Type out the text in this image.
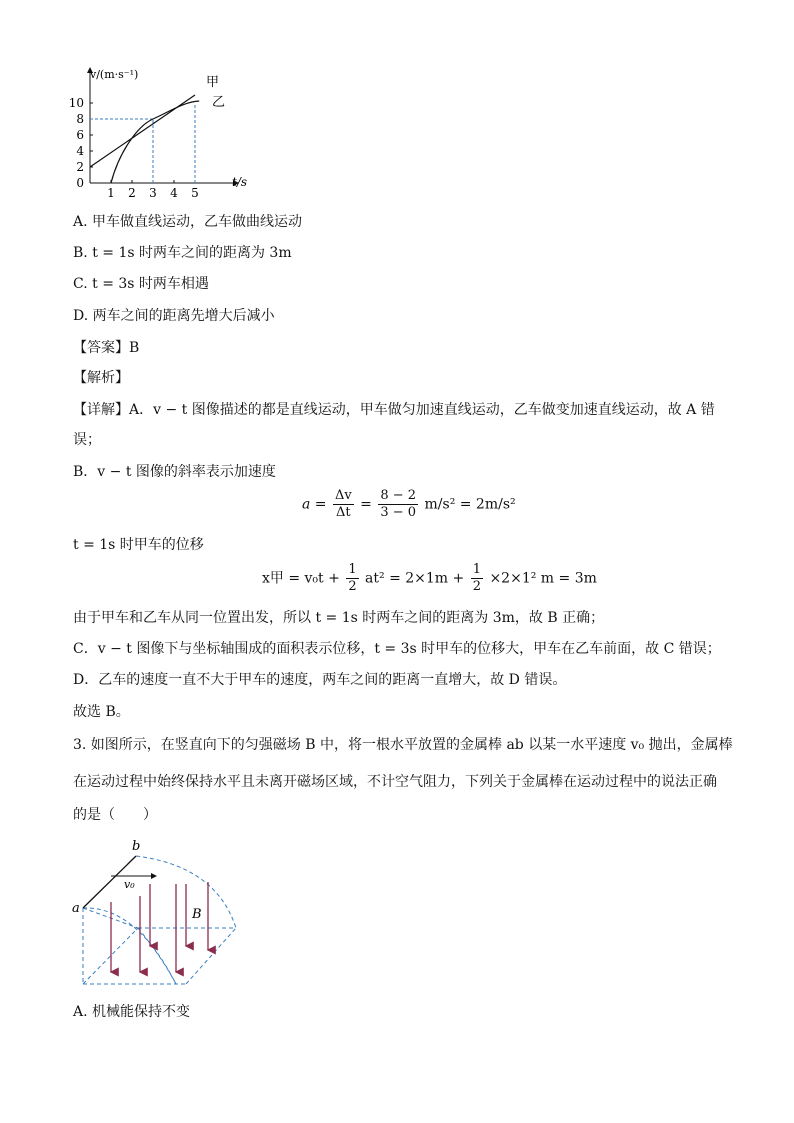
0
2
4
6
8
10
1 2 3 4 5
v/(m·s⁻¹)
t/s
甲
乙
A. 甲车做直线运动，乙车做曲线运动
B. t = 1s 时两车之间的距离为 3m
C. t = 3s 时两车相遇
D. 两车之间的距离先增大后减小
【答案】B
【解析】
【详解】A．v − t 图像描述的都是直线运动，甲车做匀加速直线运动，乙车做变加速直线运动，故 A 错
误；
B．v − t 图像的斜率表示加速度
$a = \frac{\Delta v}{\Delta t} = \frac{8 - 2}{3 - 0} m/s^2 = 2m/s^2$
t = 1s 时甲车的位移
x甲 = $v_0t + \frac{1}{2} at^2 = 2\times 1m + \frac{1}{2} \times 2\times 1^2$ m = 3m
由于甲车和乙车从同一位置出发，所以 t = 1s 时两车之间的距离为 3m，故 B 正确；
C．v − t 图像下与坐标轴围成的面积表示位移，t = 3s 时甲车的位移大，甲车在乙车前面，故 C 错误；
D．乙车的速度一直不大于甲车的速度，两车之间的距离一直增大，故 D 错误。
故选 B。
3. 如图所示，在竖直向下的匀强磁场 B 中，将一根水平放置的金属棒 ab 以某一水平速度 v₀ 抛出，金属棒
在运动过程中始终保持水平且未离开磁场区域，不计空气阻力，下列关于金属棒在运动过程中的说法正确
的是（　　）
a
b
v₀
B
A. 机械能保持不变
